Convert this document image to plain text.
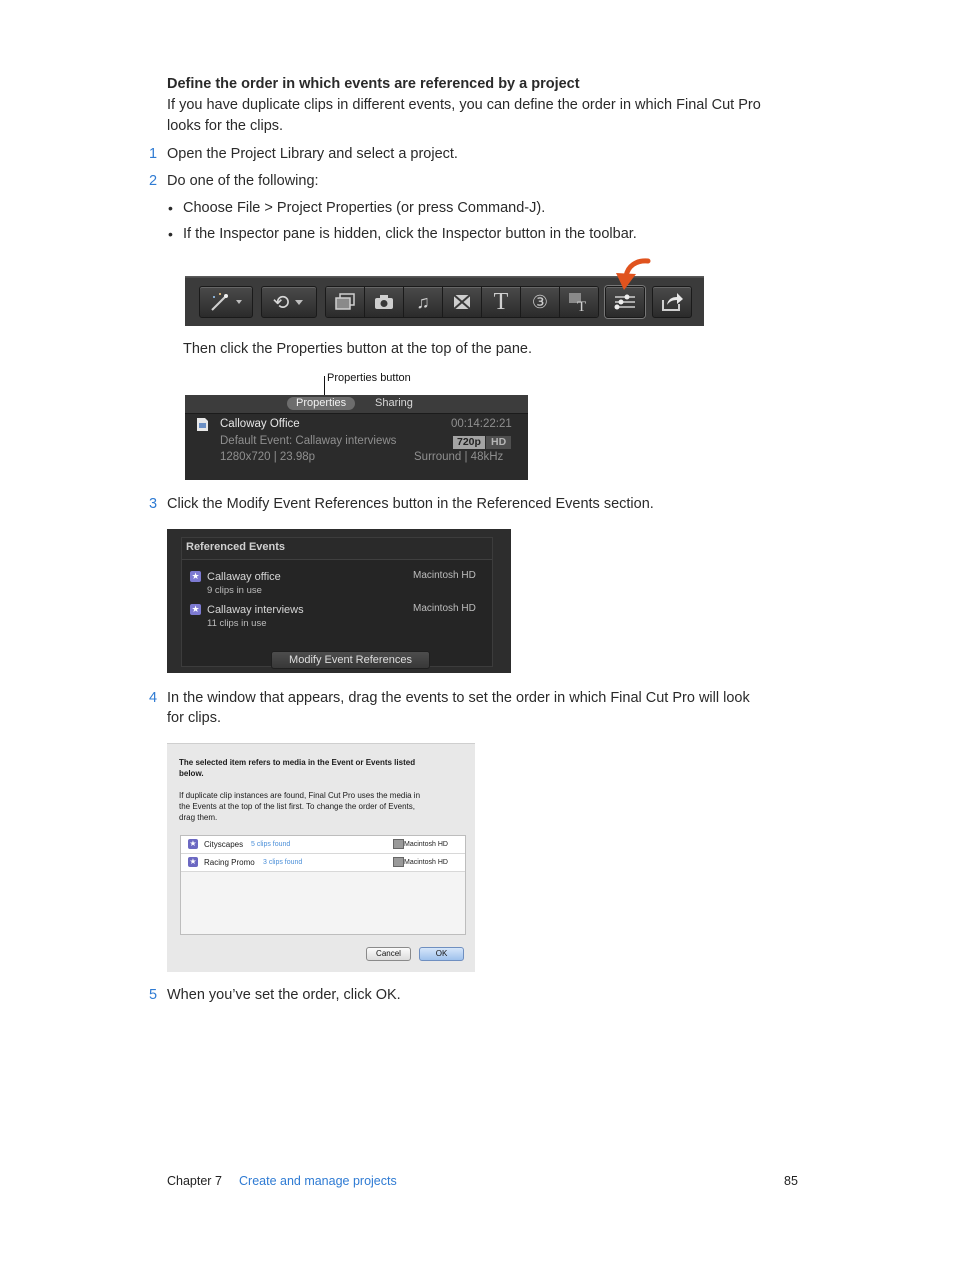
Define the order in which events are referenced by a project
If you have duplicate clips in different events, you can define the order in which Final Cut Pro
looks for the clips.
1 Open the Project Library and select a project.
2 Do one of the following:
• Choose File > Project Properties (or press Command-J).
• If the Inspector pane is hidden, click the Inspector button in the toolbar.
⟲	♫	T ③ T
Then click the Properties button at the top of the pane.
Properties button
Properties	Sharing
Calloway Office	00:14:22:21
Default Event: Callaway interviews	720p HD
1280x720 | 23.98p	Surround | 48kHz
3 Click the Modify Event References button in the Referenced Events section.
Referenced Events
★ Callaway office
9 clips in use
Macintosh HD
★ Callaway interviews
11 clips in use
Macintosh HD
Modify Event References
4 In the window that appears, drag the events to set the order in which Final Cut Pro will look
for clips.
The selected item refers to media in the Event or Events listed
below.
If duplicate clip instances are found, Final Cut Pro uses the media in
the Events at the top of the list first. To change the order of Events,
drag them.
★ Cityscapes 5 clips found	Macintosh HD
★ Racing Promo 3 clips found	Macintosh HD
Cancel	OK
5 When you’ve set the order, click OK.
Chapter 7 Create and manage projects	85
